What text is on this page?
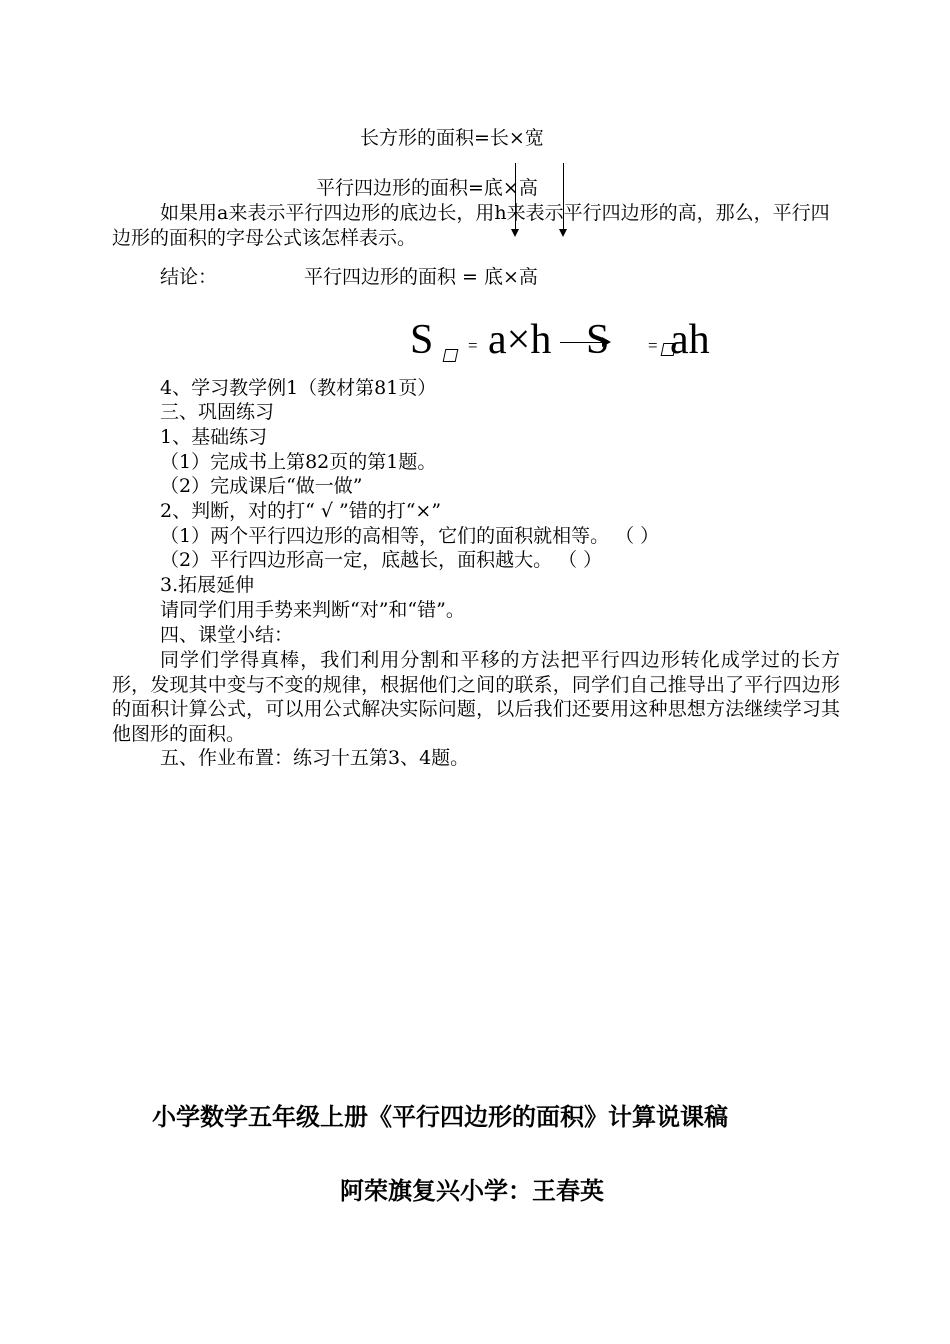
长方形的面积=长×宽
平行四边形的面积=底×高
如果用a来表示平行四边形的底边长，用h来表示平行四边形的高，那么，平行四边形的面积的字母公式该怎样表示。
结论：	平行四边形的面积 = 底×高
S = a×h S = ah
4、学习教学例1（教材第81页）
三、巩固练习
1、基础练习
（1）完成书上第82页的第1题。
（2）完成课后“做一做”
2、判断，对的打“ √ ”错的打“×”
（1）两个平行四边形的高相等，它们的面积就相等。 （ ）
（2）平行四边形高一定，底越长，面积越大。 （ ）
3.拓展延伸
请同学们用手势来判断“对”和“错”。
四、课堂小结：
同学们学得真棒，我们利用分割和平移的方法把平行四边形转化成学过的长方形，发现其中变与不变的规律，根据他们之间的联系，同学们自己推导出了平行四边形的面积计算公式，可以用公式解决实际问题，以后我们还要用这种思想方法继续学习其他图形的面积。
五、作业布置：练习十五第3、4题。
小学数学五年级上册《平行四边形的面积》计算说课稿
阿荣旗复兴小学：王春英
